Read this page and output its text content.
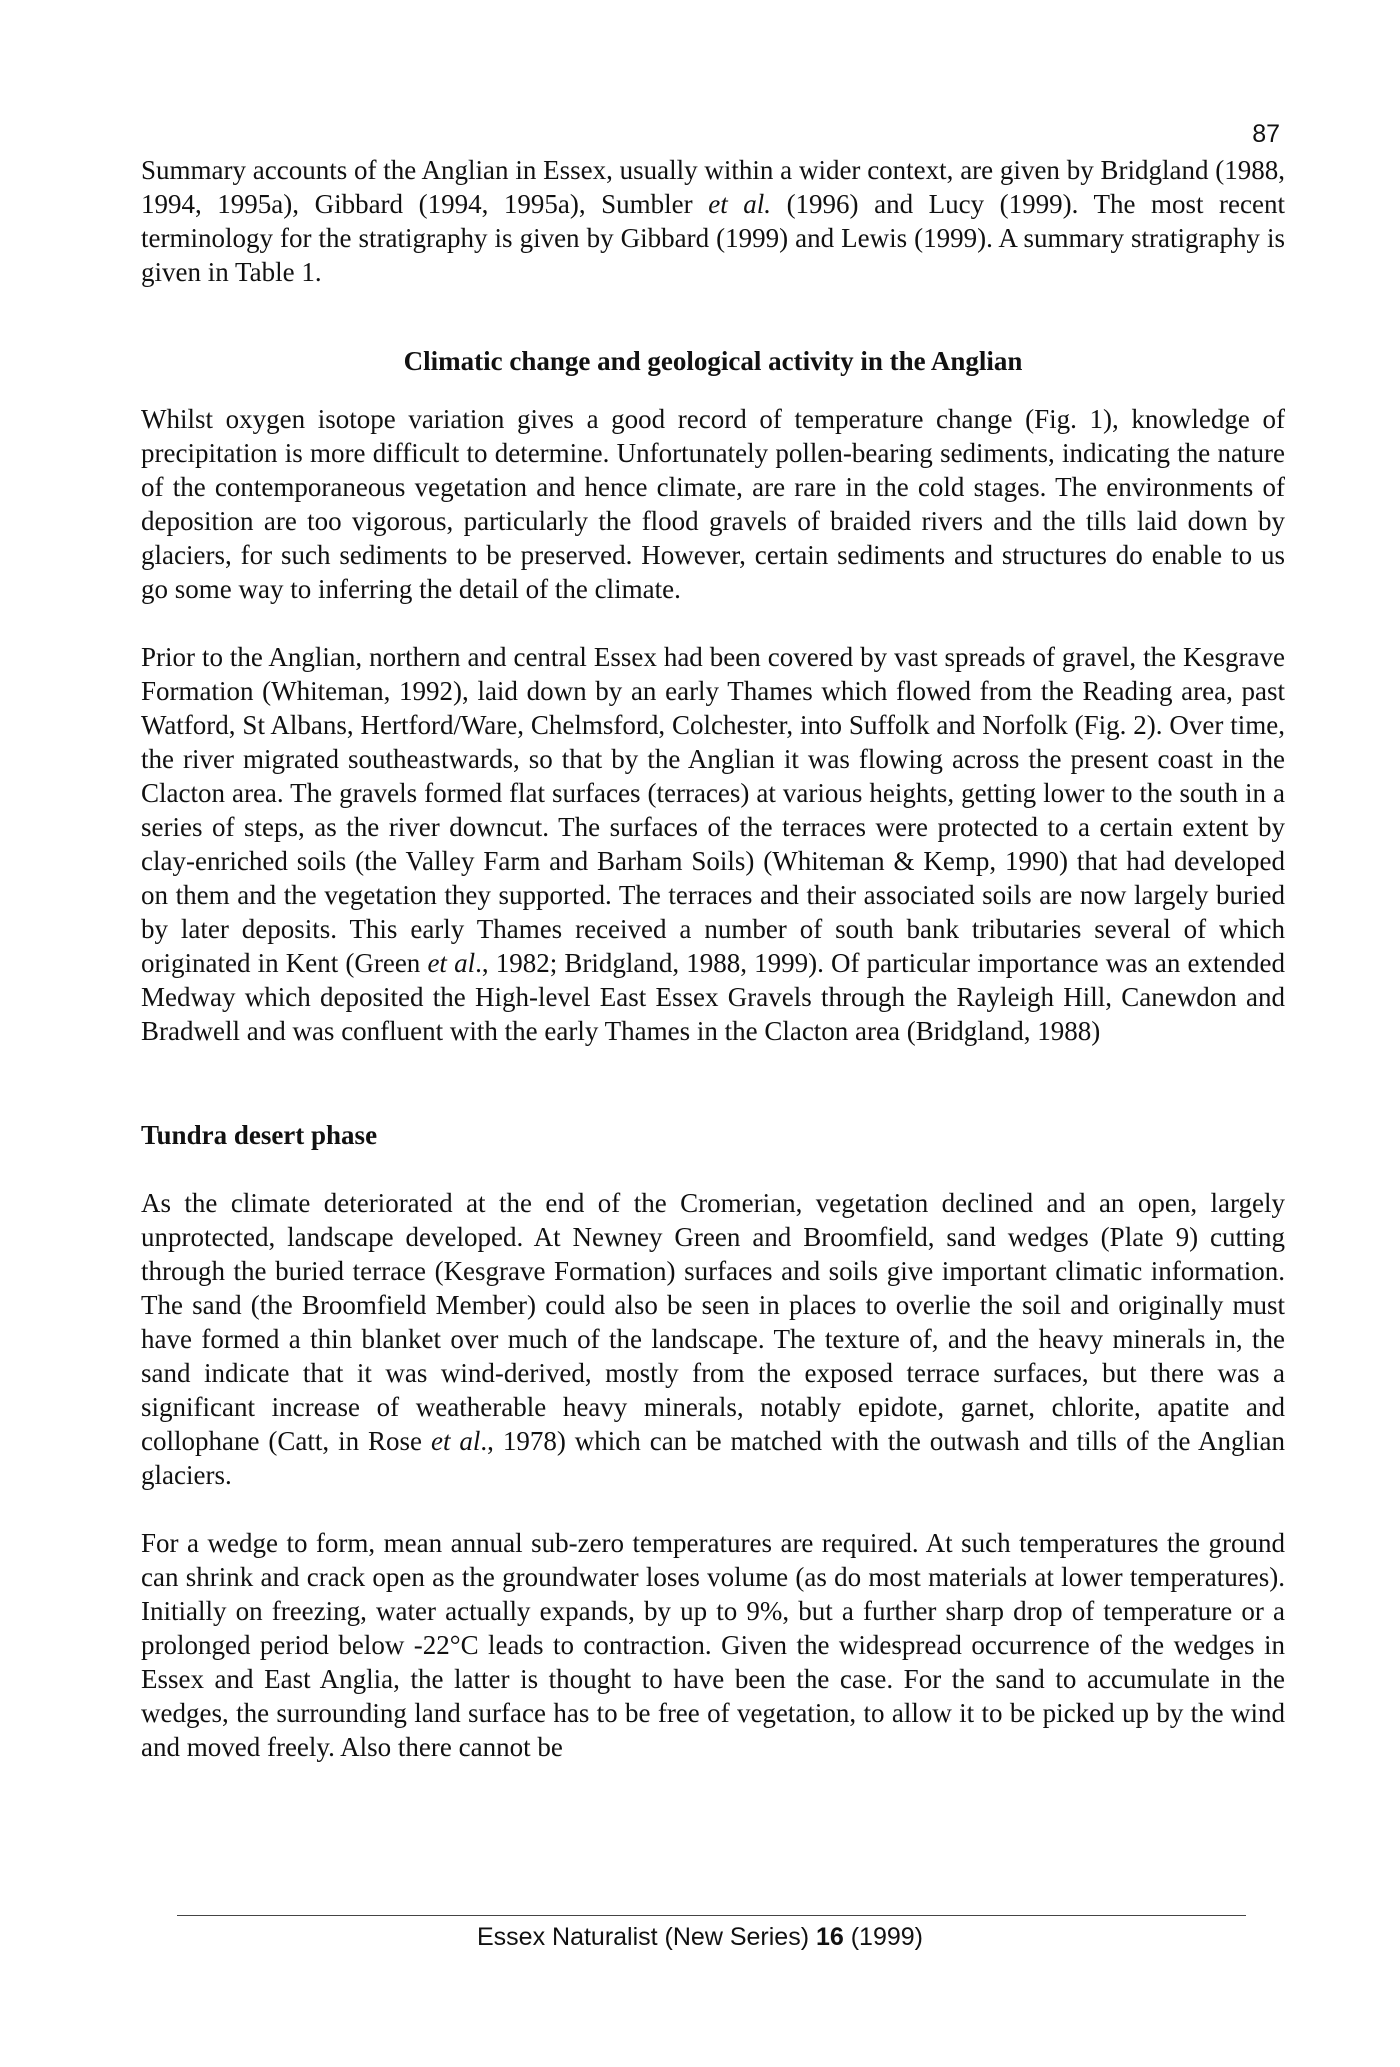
87

Summary accounts of the Anglian in Essex, usually within a wider context, are given by Bridgland (1988, 1994, 1995a), Gibbard (1994, 1995a), Sumbler et al. (1996) and Lucy (1999). The most recent terminology for the stratigraphy is given by Gibbard (1999) and Lewis (1999). A summary stratigraphy is given in Table 1.

Climatic change and geological activity in the Anglian

Whilst oxygen isotope variation gives a good record of temperature change (Fig. 1), knowledge of precipitation is more difficult to determine. Unfortunately pollen-bearing sediments, indicating the nature of the contemporaneous vegetation and hence climate, are rare in the cold stages. The environments of deposition are too vigorous, particularly the flood gravels of braided rivers and the tills laid down by glaciers, for such sediments to be preserved. However, certain sediments and structures do enable to us go some way to inferring the detail of the climate.

Prior to the Anglian, northern and central Essex had been covered by vast spreads of gravel, the Kesgrave Formation (Whiteman, 1992), laid down by an early Thames which flowed from the Reading area, past Watford, St Albans, Hertford/Ware, Chelmsford, Colchester, into Suffolk and Norfolk (Fig. 2). Over time, the river migrated southeastwards, so that by the Anglian it was flowing across the present coast in the Clacton area. The gravels formed flat surfaces (terraces) at various heights, getting lower to the south in a series of steps, as the river downcut. The surfaces of the terraces were protected to a certain extent by clay-enriched soils (the Valley Farm and Barham Soils) (Whiteman & Kemp, 1990) that had developed on them and the vegetation they supported. The terraces and their associated soils are now largely buried by later deposits. This early Thames received a number of south bank tributaries several of which originated in Kent (Green et al., 1982; Bridgland, 1988, 1999). Of particular importance was an extended Medway which deposited the High-level East Essex Gravels through the Rayleigh Hill, Canewdon and Bradwell and was confluent with the early Thames in the Clacton area (Bridgland, 1988)

Tundra desert phase

As the climate deteriorated at the end of the Cromerian, vegetation declined and an open, largely unprotected, landscape developed. At Newney Green and Broomfield, sand wedges (Plate 9) cutting through the buried terrace (Kesgrave Formation) surfaces and soils give important climatic information. The sand (the Broomfield Member) could also be seen in places to overlie the soil and originally must have formed a thin blanket over much of the landscape. The texture of, and the heavy minerals in, the sand indicate that it was wind-derived, mostly from the exposed terrace surfaces, but there was a significant increase of weatherable heavy minerals, notably epidote, garnet, chlorite, apatite and collophane (Catt, in Rose et al., 1978) which can be matched with the outwash and tills of the Anglian glaciers.

For a wedge to form, mean annual sub-zero temperatures are required. At such temperatures the ground can shrink and crack open as the groundwater loses volume (as do most materials at lower temperatures). Initially on freezing, water actually expands, by up to 9%, but a further sharp drop of temperature or a prolonged period below -22°C leads to contraction. Given the widespread occurrence of the wedges in Essex and East Anglia, the latter is thought to have been the case. For the sand to accumulate in the wedges, the surrounding land surface has to be free of vegetation, to allow it to be picked up by the wind and moved freely. Also there cannot be

Essex Naturalist (New Series) 16 (1999)
